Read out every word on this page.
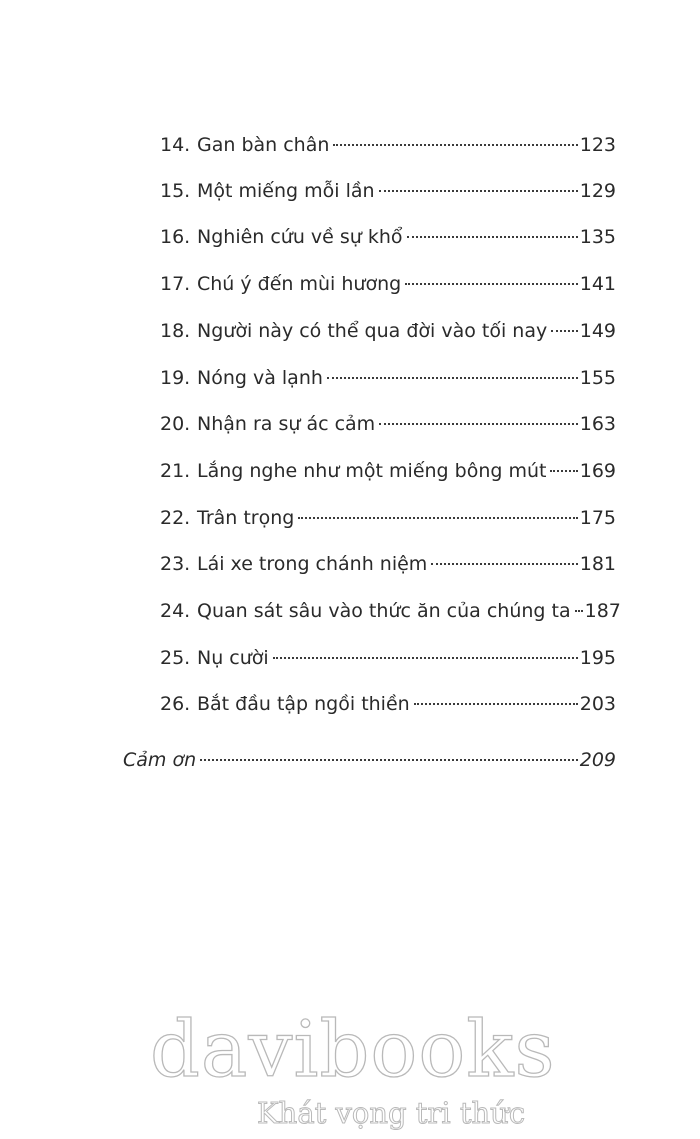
14. Gan bàn chân	123
15. Một miếng mỗi lần	129
16. Nghiên cứu về sự khổ	135
17. Chú ý đến mùi hương	141
18. Người này có thể qua đời vào tối nay 149
19. Nóng và lạnh	155
20. Nhận ra sự ác cảm	163
21. Lắng nghe như một miếng bông mút 169
22. Trân trọng	175
23. Lái xe trong chánh niệm	181
24. Quan sát sâu vào thức ăn của chúng ta 187
25. Nụ cười	195
26. Bắt đầu tập ngồi thiền	203
Cảm ơn	209
davibooks
Khát vọng tri thức
